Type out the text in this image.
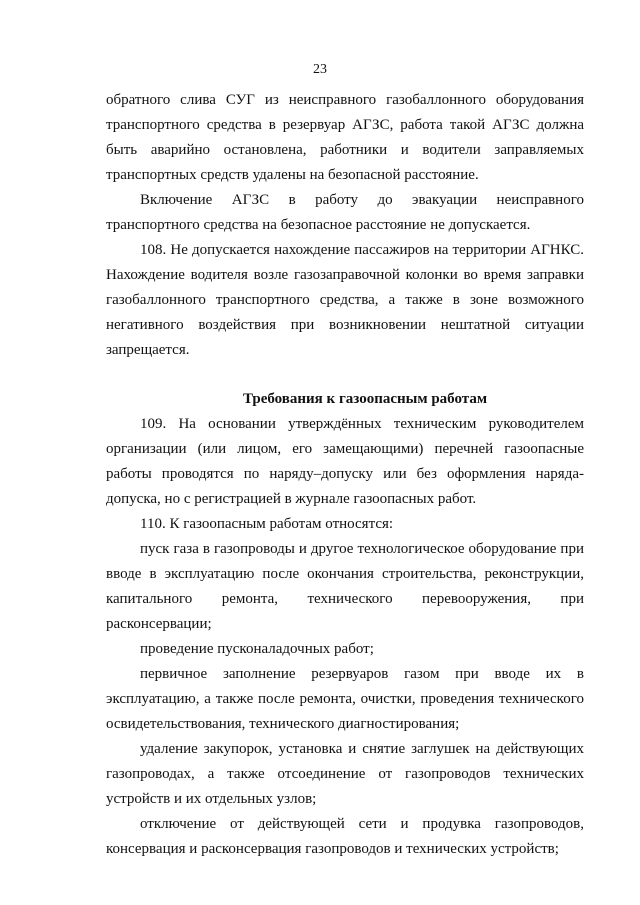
23

обратного слива СУГ из неисправного газобаллонного оборудования транспортного средства в резервуар АГЗС, работа такой АГЗС должна быть аварийно остановлена, работники и водители заправляемых транспортных средств удалены на безопасной расстояние.

Включение АГЗС в работу до эвакуации неисправного транспортного средства на безопасное расстояние не допускается.

108. Не допускается нахождение пассажиров на территории АГНКС. Нахождение водителя возле газозаправочной колонки во время заправки газобаллонного транспортного средства, а также в зоне возможного негативного воздействия при возникновении нештатной ситуации запрещается.

Требования к газоопасным работам

109. На основании утверждённых техническим руководителем организации (или лицом, его замещающими) перечней газоопасные работы проводятся по наряду–допуску или без оформления наряда-допуска, но с регистрацией в журнале газоопасных работ.

110. К газоопасным работам относятся:

пуск газа в газопроводы и другое технологическое оборудование при вводе в эксплуатацию после окончания строительства, реконструкции, капитального ремонта, технического перевооружения, при расконсервации;

проведение пусконаладочных работ;

первичное заполнение резервуаров газом при вводе их в эксплуатацию, а также после ремонта, очистки, проведения технического освидетельствования, технического диагностирования;

удаление закупорок, установка и снятие заглушек на действующих газопроводах, а также отсоединение от газопроводов технических устройств и их отдельных узлов;

отключение от действующей сети и продувка газопроводов, консервация и расконсервация газопроводов и технических устройств;
